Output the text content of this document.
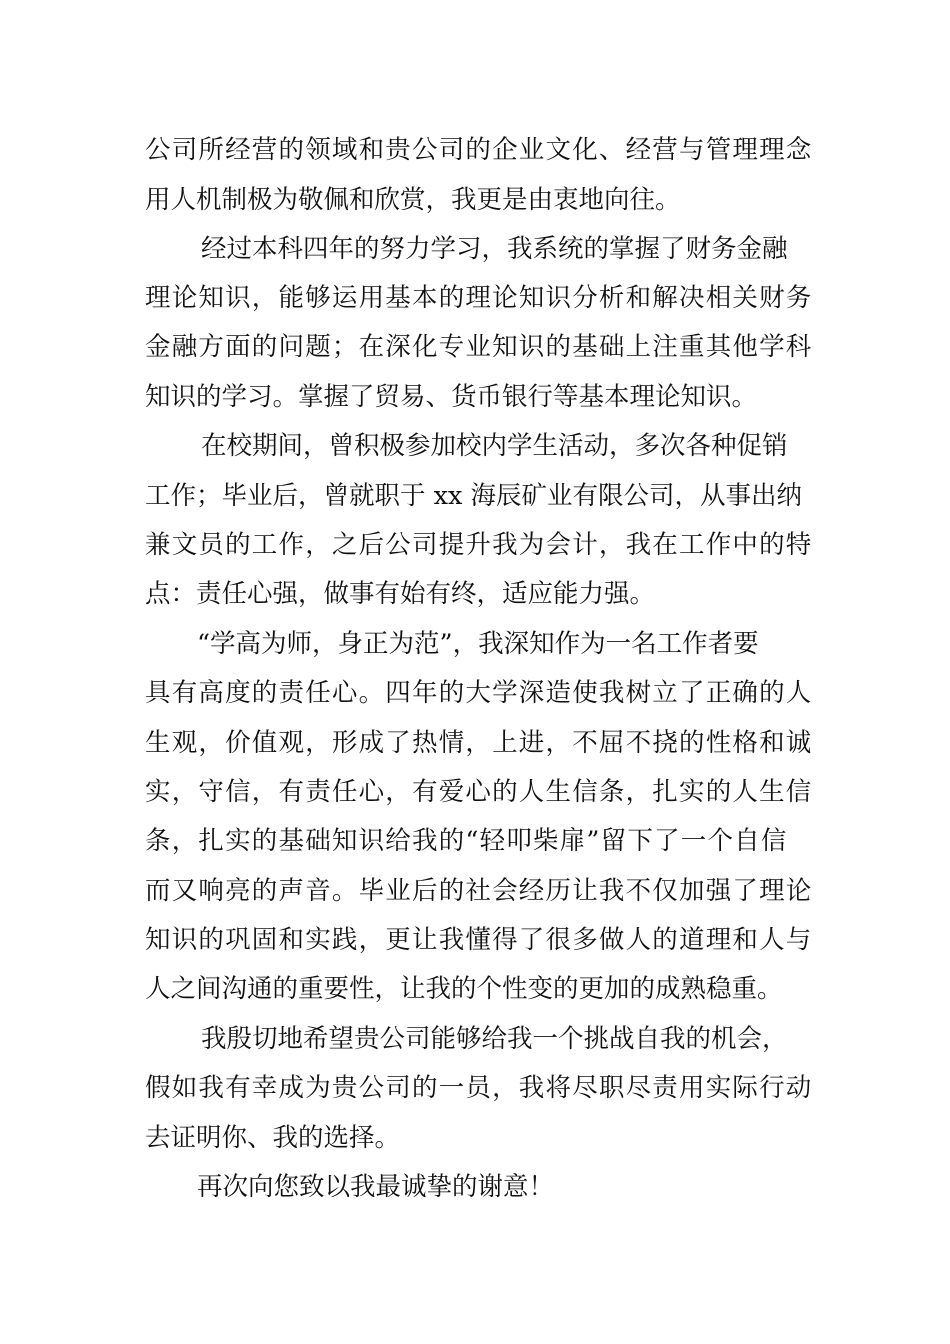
公司所经营的领域和贵公司的企业文化、经营与管理理念
用人机制极为敬佩和欣赏，我更是由衷地向往。
经过本科四年的努力学习，我系统的掌握了财务金融
理论知识，能够运用基本的理论知识分析和解决相关财务
金融方面的问题；在深化专业知识的基础上注重其他学科
知识的学习。掌握了贸易、货币银行等基本理论知识。
在校期间，曾积极参加校内学生活动，多次各种促销
工作；毕业后，曾就职于 xx 海辰矿业有限公司，从事出纳
兼文员的工作，之后公司提升我为会计，我在工作中的特
点：责任心强，做事有始有终，适应能力强。
“学高为师，身正为范”，我深知作为一名工作者要
具有高度的责任心。四年的大学深造使我树立了正确的人
生观，价值观，形成了热情，上进，不屈不挠的性格和诚
实，守信，有责任心，有爱心的人生信条，扎实的人生信
条，扎实的基础知识给我的“轻叩柴扉”留下了一个自信
而又响亮的声音。毕业后的社会经历让我不仅加强了理论
知识的巩固和实践，更让我懂得了很多做人的道理和人与
人之间沟通的重要性，让我的个性变的更加的成熟稳重。
我殷切地希望贵公司能够给我一个挑战自我的机会，
假如我有幸成为贵公司的一员，我将尽职尽责用实际行动
去证明你、我的选择。
再次向您致以我最诚挚的谢意！
